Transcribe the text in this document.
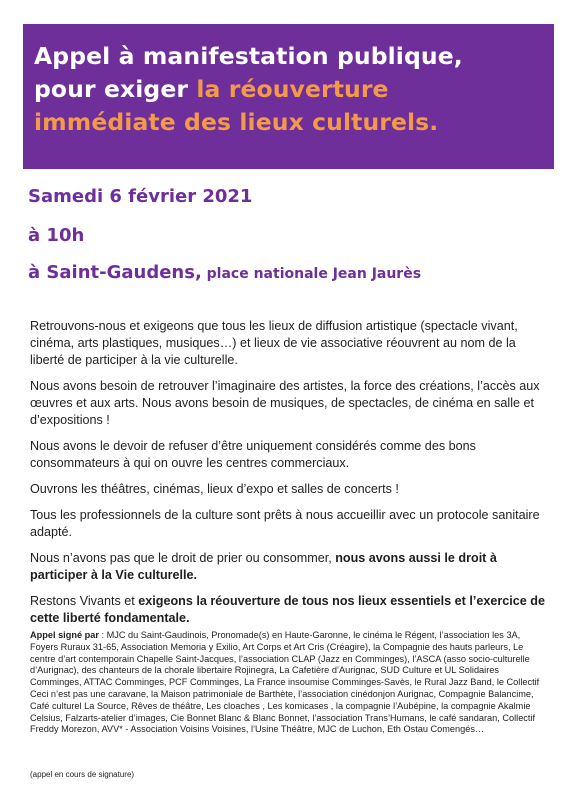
Appel à manifestation publique,
pour exiger la réouverture
immédiate des lieux culturels.
Samedi 6 février 2021
à 10h
à Saint-Gaudens, place nationale Jean Jaurès

Retrouvons-nous et exigeons que tous les lieux de diffusion artistique (spectacle vivant, cinéma, arts plastiques, musiques…) et lieux de vie associative réouvrent au nom de la liberté de participer à la vie culturelle.

Nous avons besoin de retrouver l’imaginaire des artistes, la force des créations, l’accès aux œuvres et aux arts. Nous avons besoin de musiques, de spectacles, de cinéma en salle et d’expositions !

Nous avons le devoir de refuser d’être uniquement considérés comme des bons consommateurs à qui on ouvre les centres commerciaux.

Ouvrons les théâtres, cinémas, lieux d’expo et salles de concerts !

Tous les professionnels de la culture sont prêts à nous accueillir avec un protocole sanitaire adapté.

Nous n’avons pas que le droit de prier ou consommer, nous avons aussi le droit à participer à la Vie culturelle.

Restons Vivants et exigeons la réouverture de tous nos lieux essentiels et l’exercice de cette liberté fondamentale.

Appel signé par : MJC du Saint-Gaudinois, Pronomade(s) en Haute-Garonne, le cinéma le Régent, l’association les 3A, Foyers Ruraux 31-65, Association Memoria y Exilio, Art Corps et Art Cris (Créagire), la Compagnie des hauts parleurs, Le centre d’art contemporain Chapelle Saint-Jacques, l’association CLAP (Jazz en Comminges), l’ASCA (asso socio-culturelle d’Aurignac), des chanteurs de la chorale libertaire Rojinegra, La Cafetière d’Aurignac, SUD Culture et UL Solidaires Comminges, ATTAC Comminges, PCF Comminges, La France insoumise Comminges-Savès, le Rural Jazz Band, le Collectif Ceci n’est pas une caravane, la Maison patrimoniale de Barthète, l’association cinédonjon Aurignac, Compagnie Balancime, Café culturel La Source, Rêves de théâtre, Les cloaches , Les komicases , la compagnie l’Aubépine, la compagnie Akalmie Celsius, Falzarts-atelier d’images, Cie Bonnet Blanc & Blanc Bonnet, l’association Trans’Humans, le café sandaran, Collectif Freddy Morezon, AVV* - Association Voisins Voisines, l’Usine Théâtre, MJC de Luchon, Eth Ostau Comengés…
(appel en cours de signature)
